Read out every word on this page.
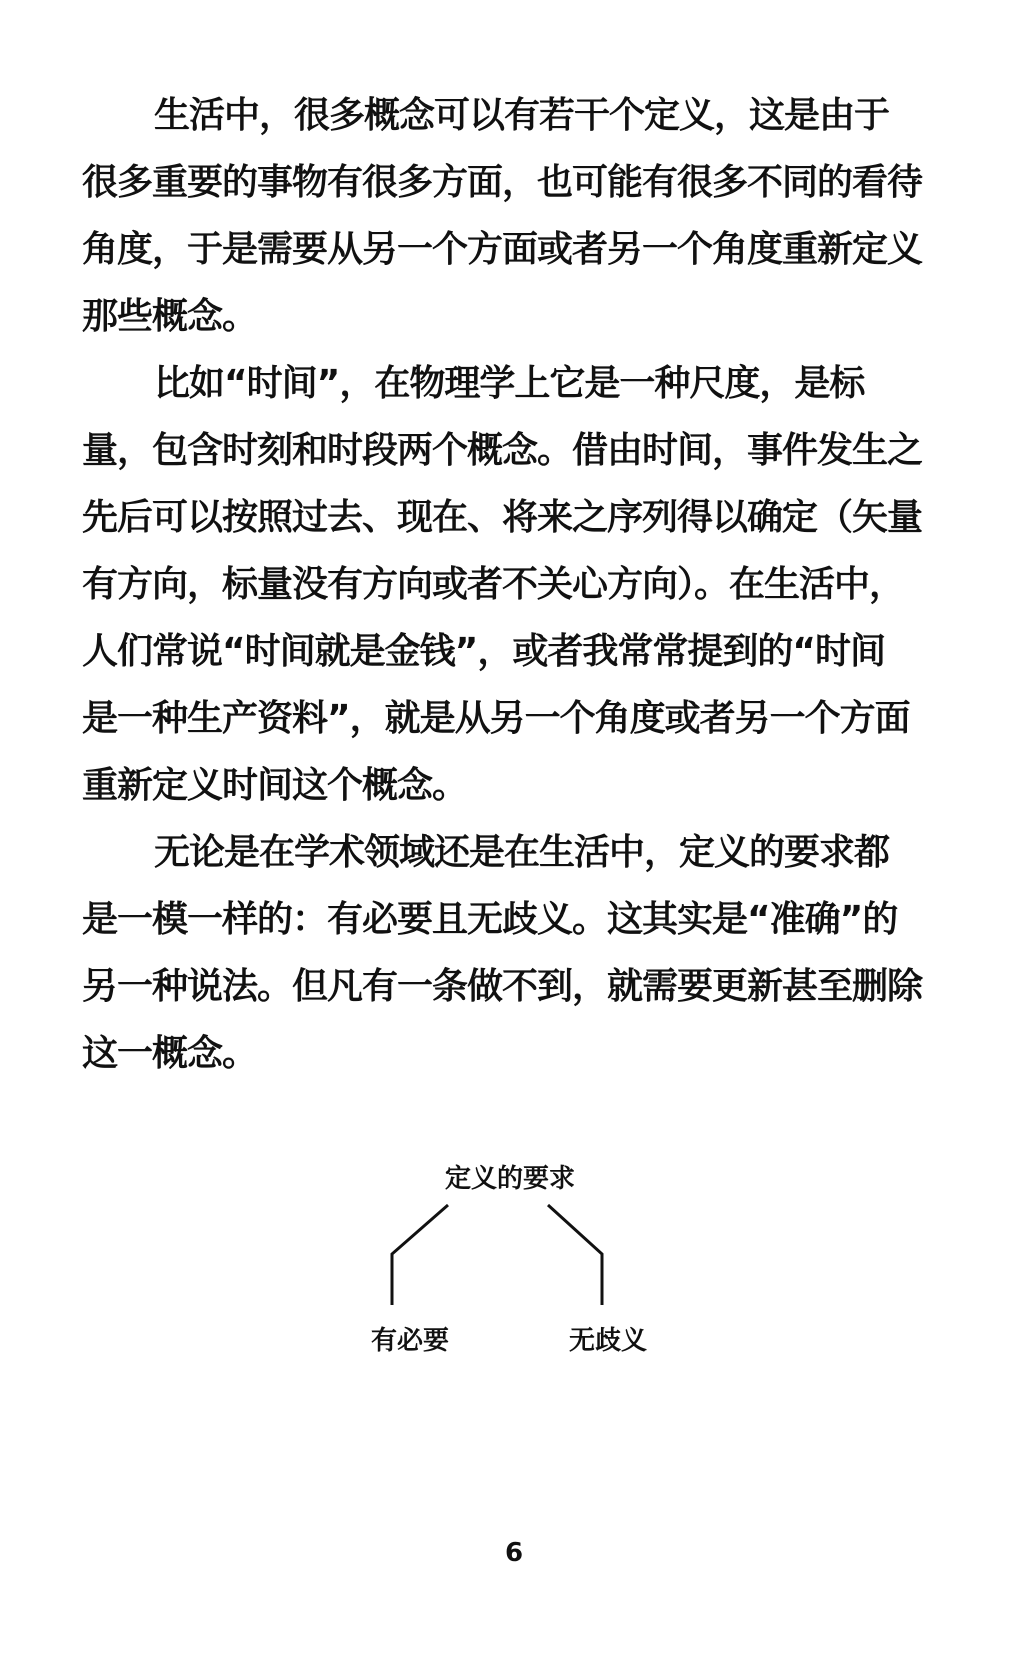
生活中，很多概念可以有若干个定义，这是由于
很多重要的事物有很多方面，也可能有很多不同的看待
角度，于是需要从另一个方面或者另一个角度重新定义
那些概念。
比如“时间”，在物理学上它是一种尺度，是标
量，包含时刻和时段两个概念。借由时间，事件发生之
先后可以按照过去、现在、将来之序列得以确定（矢量
有方向，标量没有方向或者不关心方向）。在生活中，
人们常说“时间就是金钱”，或者我常常提到的“时间
是一种生产资料”，就是从另一个角度或者另一个方面
重新定义时间这个概念。
无论是在学术领域还是在生活中，定义的要求都
是一模一样的：有必要且无歧义。这其实是“准确”的
另一种说法。但凡有一条做不到，就需要更新甚至删除
这一概念。
定义的要求
有必要	无歧义
6
